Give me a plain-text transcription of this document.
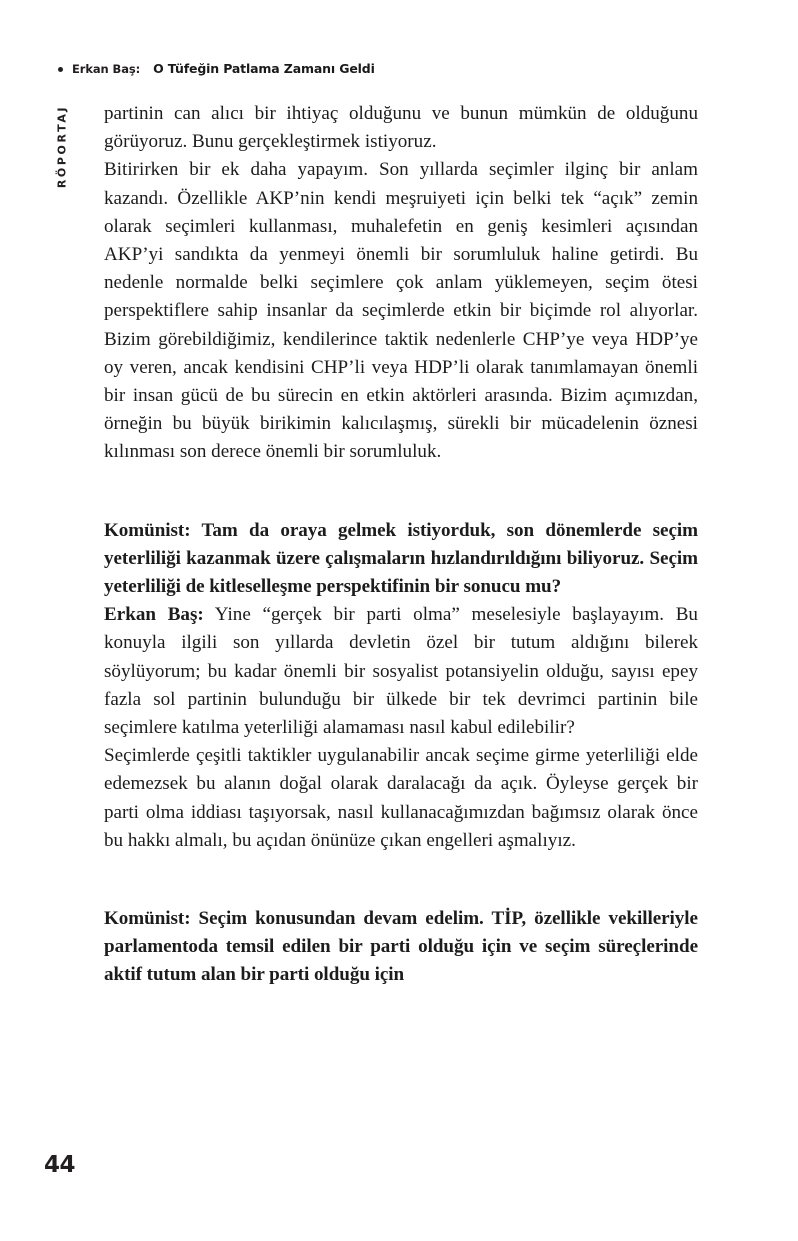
Erkan Baş: O Tüfeğin Patlama Zamanı Geldi
RÖPORTAJ partinin can alıcı bir ihtiyaç olduğunu ve bunun mümkün de olduğunu görüyoruz. Bunu gerçekleştirmek istiyoruz.

Bitirirken bir ek daha yapayım. Son yıllarda seçimler ilginç bir anlam kazandı. Özellikle AKP’nin kendi meşruiyeti için belki tek “açık” zemin olarak seçimleri kullanması, muhalefetin en geniş kesimleri açısından AKP’yi sandıkta da yenmeyi önemli bir sorumluluk haline getirdi. Bu nedenle normalde belki seçimlere çok anlam yüklemeyen, seçim ötesi perspektiflere sahip insanlar da seçimlerde etkin bir biçimde rol alıyorlar. Bizim görebildiğimiz, kendilerince taktik nedenlerle CHP’ye veya HDP’ye oy veren, ancak kendisini CHP’li veya HDP’li olarak tanımlamayan önemli bir insan gücü de bu sürecin en etkin aktörleri arasında. Bizim açımızdan, örneğin bu büyük birikimin kalıcılaşmış, sürekli bir mücadelenin öznesi kılınması son derece önemli bir sorumluluk.

Komünist: Tam da oraya gelmek istiyorduk, son dönemlerde seçim yeterliliği kazanmak üzere çalışmaların hızlandırıldığını biliyoruz. Seçim yeterliliği de kitleselleşme perspektifinin bir sonucu mu?

Erkan Baş: Yine “gerçek bir parti olma” meselesiyle başlayayım. Bu konuyla ilgili son yıllarda devletin özel bir tutum aldığını bilerek söylüyorum; bu kadar önemli bir sosyalist potansiyelin olduğu, sayısı epey fazla sol partinin bulunduğu bir ülkede bir tek devrimci partinin bile seçimlere katılma yeterliliği alamaması nasıl kabul edilebilir?

Seçimlerde çeşitli taktikler uygulanabilir ancak seçime girme yeterliliği elde edemezsek bu alanın doğal olarak daralacağı da açık. Öyleyse gerçek bir parti olma iddiası taşıyorsak, nasıl kullanacağımızdan bağımsız olarak önce bu hakkı almalı, bu açıdan önünüze çıkan engelleri aşmalıyız.

Komünist: Seçim konusundan devam edelim. TİP, özellikle vekilleriyle parlamentoda temsil edilen bir parti olduğu için ve seçim süreçlerinde aktif tutum alan bir parti olduğu için

44
